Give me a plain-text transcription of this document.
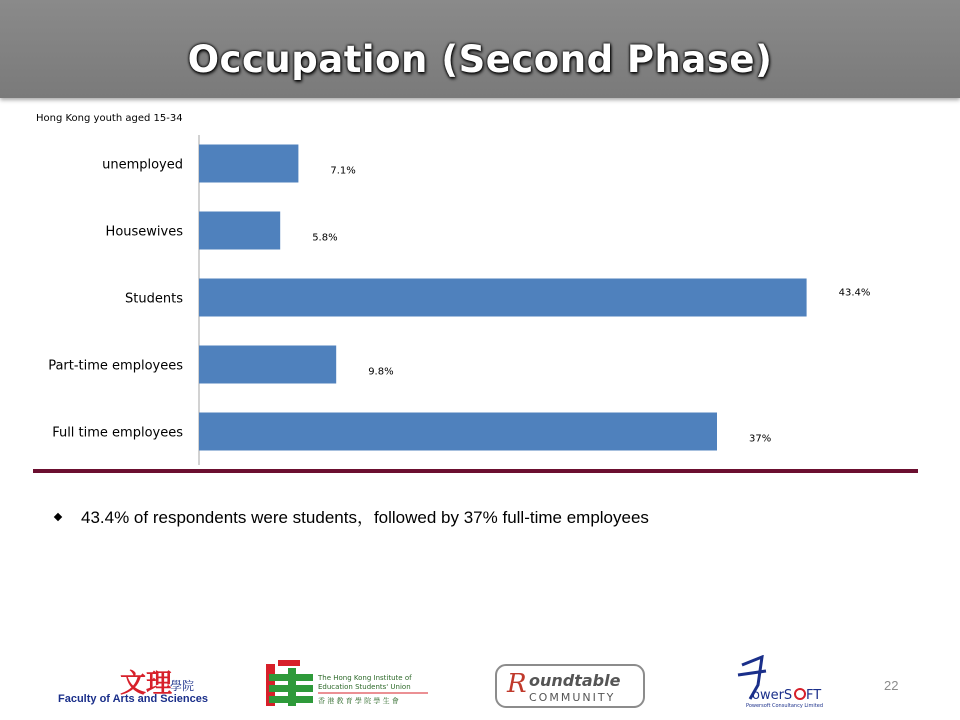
Occupation (Second Phase)
Hong Kong youth aged 15-34
unemployed	7.1%
Housewives	5.8%
Students	43.4%
Part-time employees	9.8%
Full time employees	37%
43.4% of respondents were students，followed by 37% full-time employees
文理
學院
Faculty of Arts and Sciences
The Hong Kong Institute of
Education Students' Union
香 港 教 育 學 院 學 生 會
R oundtable
COMMUNITY	owerS FT
Powersoft Consultancy Limited
22
